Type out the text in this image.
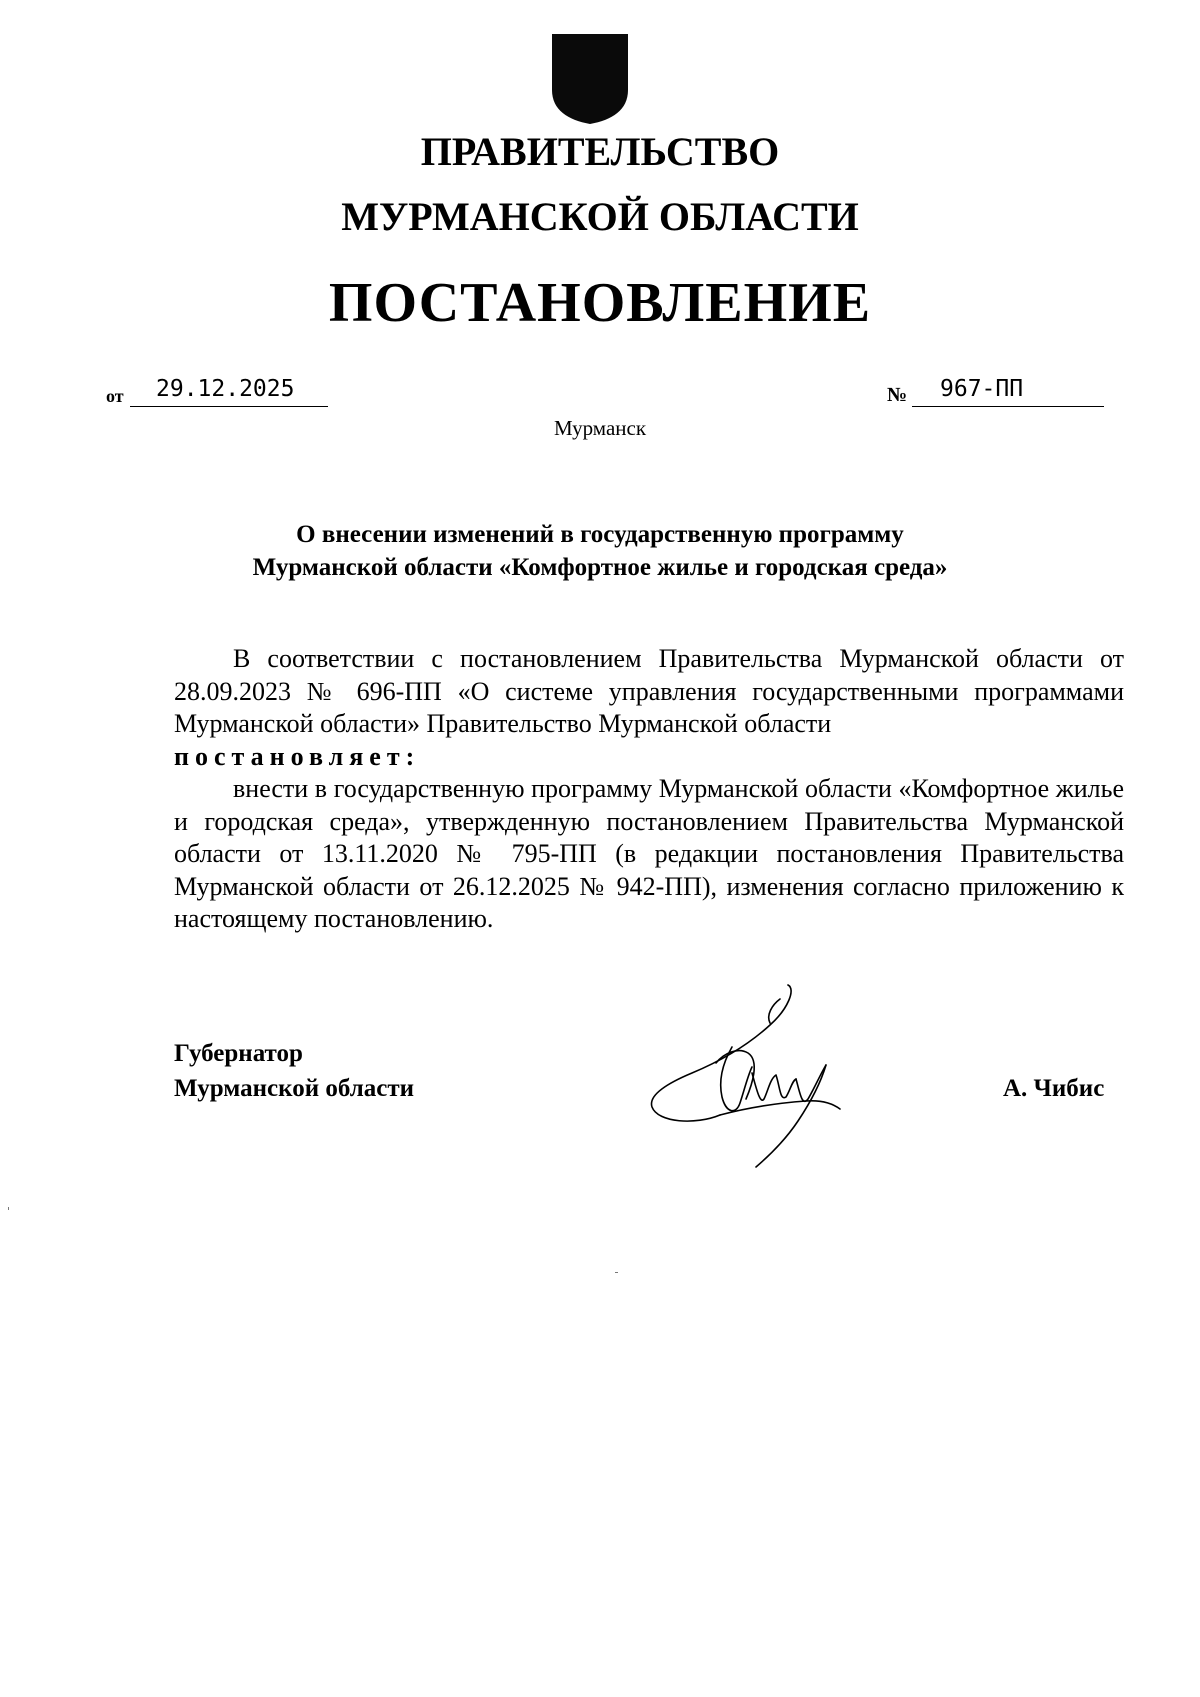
ПРАВИТЕЛЬСТВО
МУРМАНСКОЙ ОБЛАСТИ
ПОСТАНОВЛЕНИЕ
от	29.12.2025	№	967-ПП
Мурманск
О внесении изменений в государственную программу
Мурманской области «Комфортное жилье и городская среда»

В соответствии с постановлением Правительства Мурманской области от 28.09.2023 № 696-ПП «О системе управления государственными программами Мурманской области» Правительство Мурманской области

постановляет:

внести в государственную программу Мурманской области «Комфортное жилье и городская среда», утвержденную постановлением Правительства Мурманской области от 13.11.2020 № 795-ПП (в редакции постановления Правительства Мурманской области от 26.12.2025 № 942-ПП), изменения согласно приложению к настоящему постановлению.

Губернатор
Мурманской области	А. Чибис
